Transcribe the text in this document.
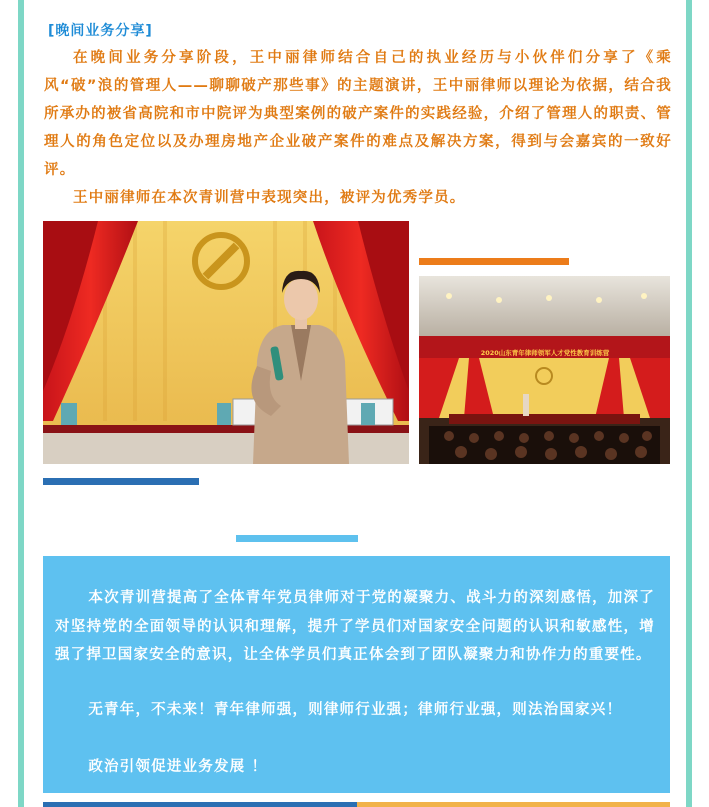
[晚间业务分享]
在晚间业务分享阶段，王中丽律师结合自己的执业经历与小伙伴们分享了《乘风“破”浪的管理人——聊聊破产那些事》的主题演讲，王中丽律师以理论为依据，结合我所承办的被省高院和市中院评为典型案例的破产案件的实践经验，介绍了管理人的职责、管理人的角色定位以及办理房地产企业破产案件的难点及解决方案，得到与会嘉宾的一致好评。
王中丽律师在本次青训营中表现突出，被评为优秀学员。
2020山东青年律师领军人才党性教育训练营
本次青训营提高了全体青年党员律师对于党的凝聚力、战斗力的深刻感悟，加深了对坚持党的全面领导的认识和理解，提升了学员们对国家安全问题的认识和敏感性，增强了捍卫国家安全的意识，让全体学员们真正体会到了团队凝聚力和协作力的重要性。
无青年，不未来！青年律师强，则律师行业强；律师行业强，则法治国家兴！
政治引领促进业务发展 ！
